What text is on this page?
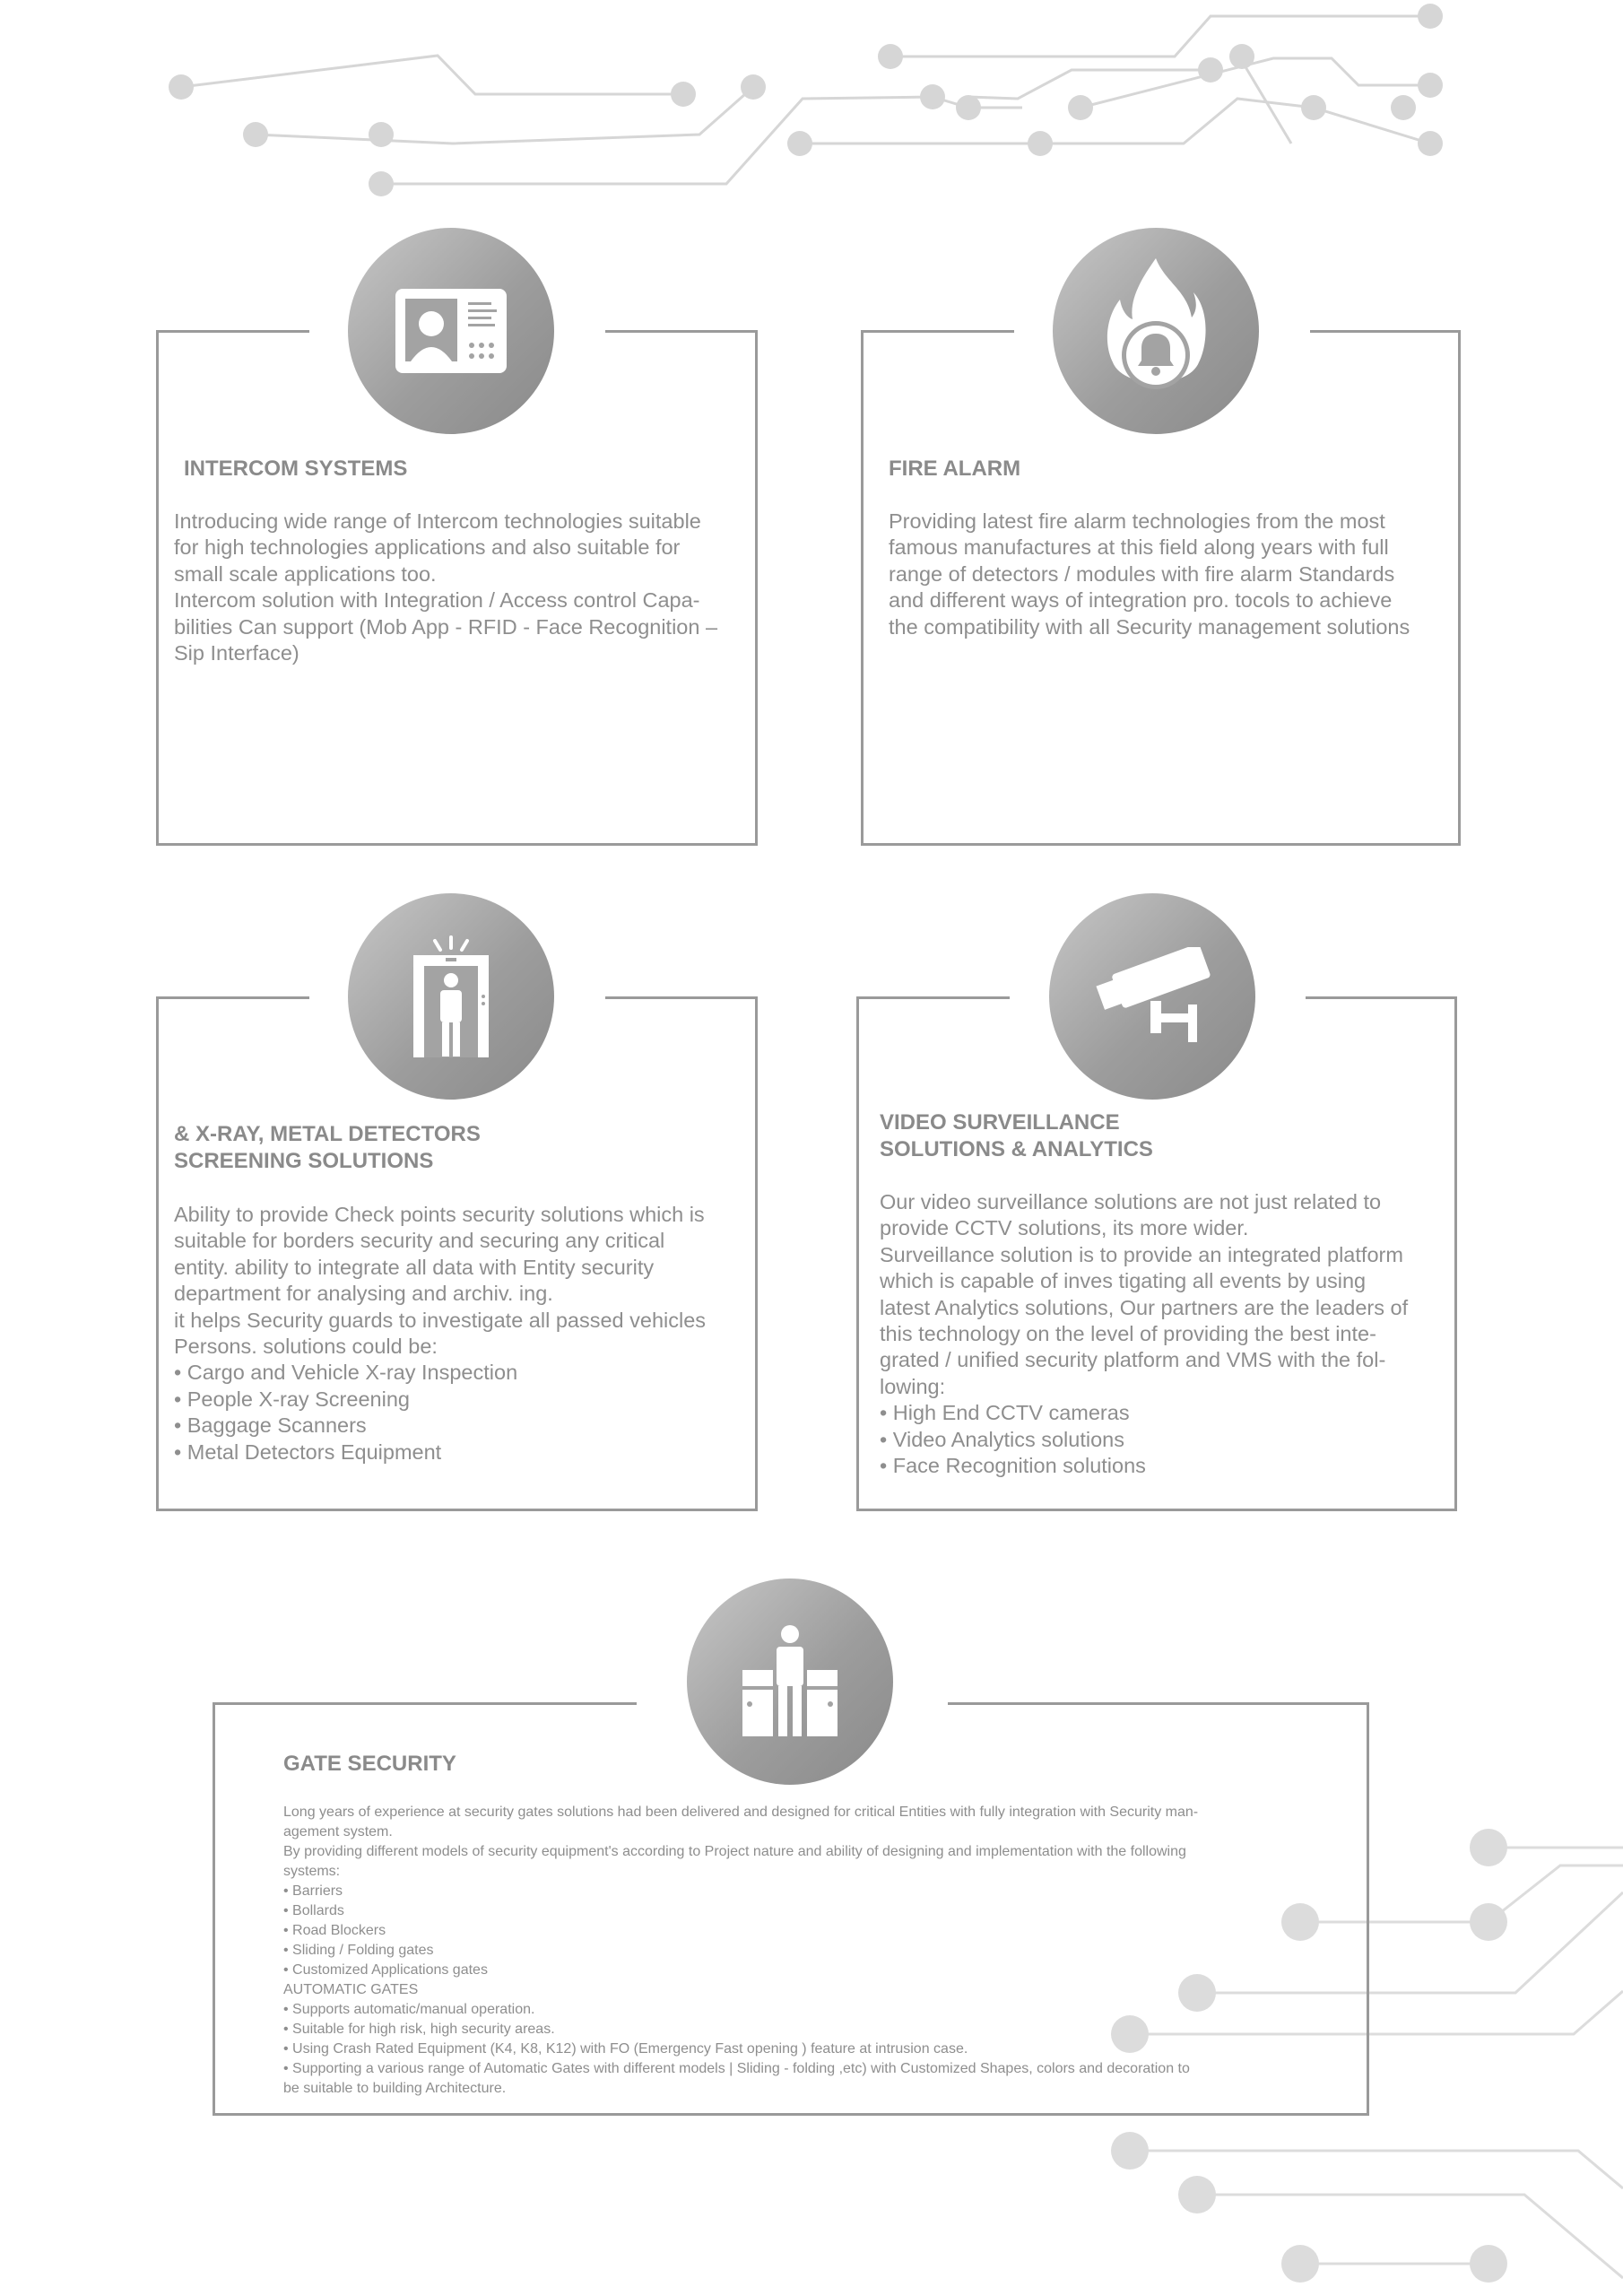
INTERCOM SYSTEMS
Introducing wide range of Intercom technologies suitable
for high technologies applications and also suitable for
small scale applications too.
Intercom solution with Integration / Access control Capa-
bilities Can support (Mob App - RFID - Face Recognition –
Sip Interface)
FIRE ALARM
Providing latest fire alarm technologies from the most
famous manufactures at this field along years with full
range of detectors / modules with fire alarm Standards
and different ways of integration pro. tocols to achieve
the compatibility with all Security management solutions
& X-RAY, METAL DETECTORS
SCREENING SOLUTIONS
Ability to provide Check points security solutions which is
suitable for borders security and securing any critical
entity. ability to integrate all data with Entity security
department for analysing and archiv. ing.
it helps Security guards to investigate all passed vehicles
Persons. solutions could be:
• Cargo and Vehicle X-ray Inspection
• People X-ray Screening
• Baggage Scanners
• Metal Detectors Equipment
VIDEO SURVEILLANCE
SOLUTIONS & ANALYTICS
Our video surveillance solutions are not just related to
provide CCTV solutions, its more wider.
Surveillance solution is to provide an integrated platform
which is capable of inves tigating all events by using
latest Analytics solutions, Our partners are the leaders of
this technology on the level of providing the best inte-
grated / unified security platform and VMS with the fol-
lowing:
• High End CCTV cameras
• Video Analytics solutions
• Face Recognition solutions
GATE SECURITY
Long years of experience at security gates solutions had been delivered and designed for critical Entities with fully integration with Security man-
agement system.
By providing different models of security equipment's according to Project nature and ability of designing and implementation with the following
systems:
• Barriers
• Bollards
• Road Blockers
• Sliding / Folding gates
• Customized Applications gates
AUTOMATIC GATES
• Supports automatic/manual operation.
• Suitable for high risk, high security areas.
• Using Crash Rated Equipment (K4, K8, K12) with FO (Emergency Fast opening ) feature at intrusion case.
• Supporting a various range of Automatic Gates with different models | Sliding - folding ,etc) with Customized Shapes, colors and decoration to
be suitable to building Architecture.
